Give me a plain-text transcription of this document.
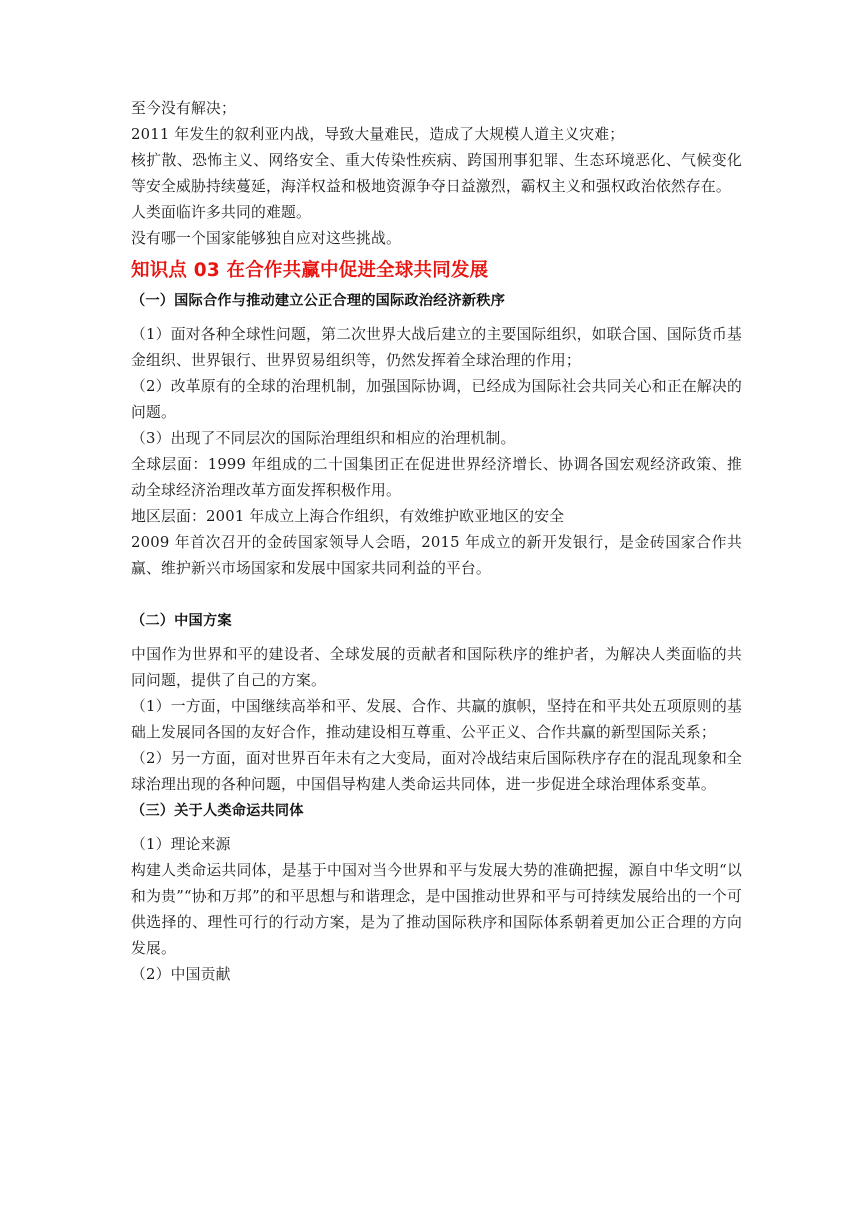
至今没有解决；

2011 年发生的叙利亚内战，导致大量难民，造成了大规模人道主义灾难；

核扩散、恐怖主义、网络安全、重大传染性疾病、跨国刑事犯罪、生态环境恶化、气候变化等安全威胁持续蔓延，海洋权益和极地资源争夺日益激烈，霸权主义和强权政治依然存在。

人类面临许多共同的难题。

没有哪一个国家能够独自应对这些挑战。

知识点 03 在合作共赢中促进全球共同发展
（一）国际合作与推动建立公正合理的国际政治经济新秩序

（1）面对各种全球性问题，第二次世界大战后建立的主要国际组织，如联合国、国际货币基金组织、世界银行、世界贸易组织等，仍然发挥着全球治理的作用；

（2）改革原有的全球的治理机制，加强国际协调，已经成为国际社会共同关心和正在解决的问题。

（3）出现了不同层次的国际治理组织和相应的治理机制。

全球层面：1999 年组成的二十国集团正在促进世界经济增长、协调各国宏观经济政策、推动全球经济治理改革方面发挥积极作用。

地区层面：2001 年成立上海合作组织，有效维护欧亚地区的安全

2009 年首次召开的金砖国家领导人会晤，2015 年成立的新开发银行，是金砖国家合作共赢、维护新兴市场国家和发展中国家共同利益的平台。

（二）中国方案

中国作为世界和平的建设者、全球发展的贡献者和国际秩序的维护者，为解决人类面临的共同问题，提供了自己的方案。

（1）一方面，中国继续高举和平、发展、合作、共赢的旗帜，坚持在和平共处五项原则的基础上发展同各国的友好合作，推动建设相互尊重、公平正义、合作共赢的新型国际关系；

（2）另一方面，面对世界百年未有之大变局，面对冷战结束后国际秩序存在的混乱现象和全球治理出现的各种问题，中国倡导构建人类命运共同体，进一步促进全球治理体系变革。

（三）关于人类命运共同体

（1）理论来源

构建人类命运共同体，是基于中国对当今世界和平与发展大势的准确把握，源自中华文明“以和为贵”“协和万邦”的和平思想与和谐理念，是中国推动世界和平与可持续发展给出的一个可供选择的、理性可行的行动方案，是为了推动国际秩序和国际体系朝着更加公正合理的方向发展。

（2）中国贡献
